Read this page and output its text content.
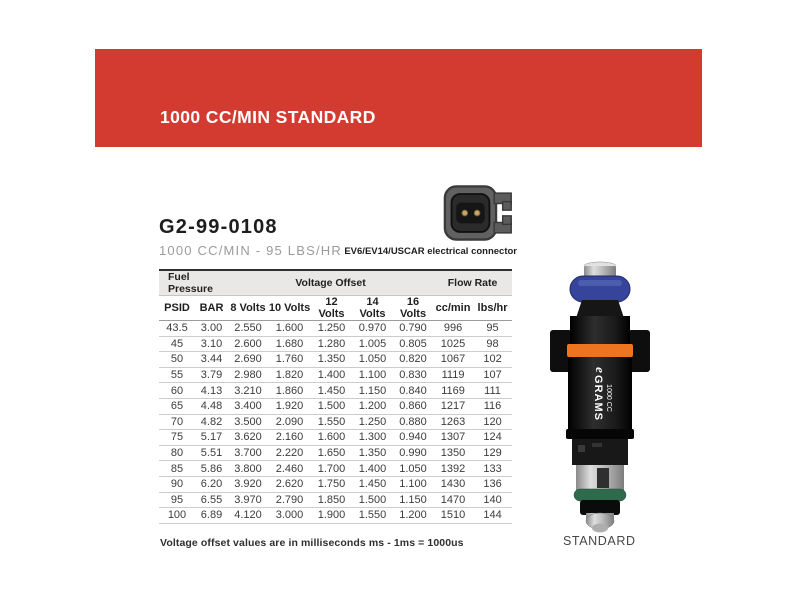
1000 CC/MIN STANDARD
G2-99-0108
1000 CC/MIN - 95 LBS/HR EV6/EV14/USCAR electrical connector
Fuel Pressure		Voltage Offset					Flow Rate	
PSID	BAR	8 Volts	10 Volts	12 Volts	14 Volts	16 Volts	cc/min	lbs/hr
43.5	3.00	2.550	1.600	1.250	0.970	0.790	996	95
45	3.10	2.600	1.680	1.280	1.005	0.805	1025	98
50	3.44	2.690	1.760	1.350	1.050	0.820	1067	102
55	3.79	2.980	1.820	1.400	1.100	0.830	1119	107
60	4.13	3.210	1.860	1.450	1.150	0.840	1169	111
65	4.48	3.400	1.920	1.500	1.200	0.860	1217	116
70	4.82	3.500	2.090	1.550	1.250	0.880	1263	120
75	5.17	3.620	2.160	1.600	1.300	0.940	1307	124
80	5.51	3.700	2.220	1.650	1.350	0.990	1350	129
85	5.86	3.800	2.460	1.700	1.400	1.050	1392	133
90	6.20	3.920	2.620	1.750	1.450	1.100	1430	136
95	6.55	3.970	2.790	1.850	1.500	1.150	1470	140
100	6.89	4.120	3.000	1.900	1.550	1.200	1510	144
Voltage offset values are in milliseconds ms - 1ms = 1000us
e
GRAMS 1000 CC
STANDARD
